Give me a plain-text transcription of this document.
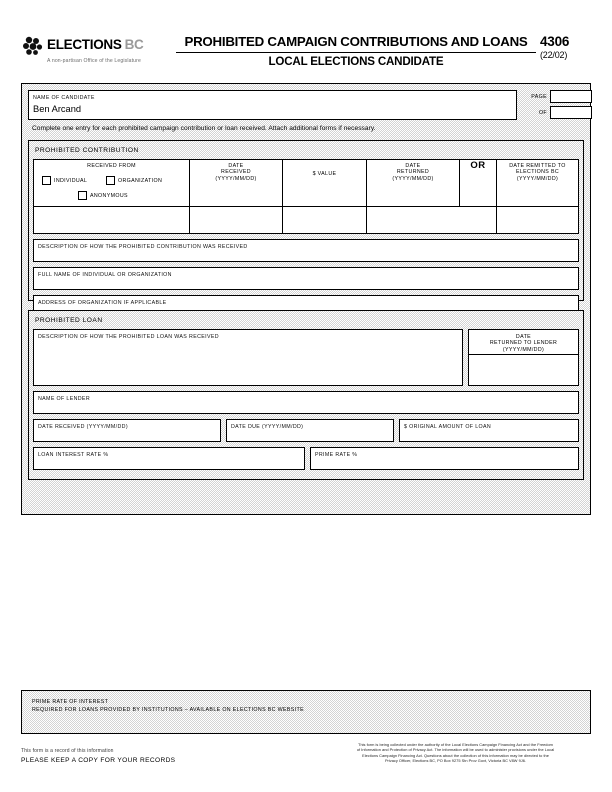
ELECTIONS BC
A non-partisan Office of the Legislature
PROHIBITED CAMPAIGN CONTRIBUTIONS AND LOANS
LOCAL ELECTIONS CANDIDATE
4306
(22/02)
NAME OF CANDIDATE
Ben Arcand
PAGE
OF
Complete one entry for each prohibited campaign contribution or loan received. Attach additional forms if necessary.
PROHIBITED CONTRIBUTION
RECEIVED FROM
INDIVIDUAL	ORGANIZATION
ANONYMOUS

DATE
RECEIVED
(YYYY/MM/DD)

$ VALUE

DATE
RETURNED
(YYYY/MM/DD)
	OR	DATE REMITTED TO
ELECTIONS BC
(YYYY/MM/DD)

DESCRIPTION OF HOW THE PROHIBITED CONTRIBUTION WAS RECEIVED
FULL NAME OF INDIVIDUAL OR ORGANIZATION
ADDRESS OF ORGANIZATION IF APPLICABLE
PROHIBITED LOAN
DESCRIPTION OF HOW THE PROHIBITED LOAN WAS RECEIVED	DATE
RETURNED TO LENDER
(YYYY/MM/DD)
NAME OF LENDER
DATE RECEIVED (YYYY/MM/DD)	DATE DUE (YYYY/MM/DD)	$ ORIGINAL AMOUNT OF LOAN
LOAN INTEREST RATE %	PRIME RATE %
PRIME RATE OF INTEREST
REQUIRED FOR LOANS PROVIDED BY INSTITUTIONS – AVAILABLE ON ELECTIONS BC WEBSITE
This form is a record of this information
PLEASE KEEP A COPY FOR YOUR RECORDS
This form is being collected under the authority of the Local Elections Campaign Financing Act and the Freedom
of Information and Protection of Privacy Act. The information will be used to administer provisions under the Local
Elections Campaign Financing Act. Questions about the collection of this information may be directed to the
Privacy Officer, Elections BC, PO Box 9275 Stn Prov Govt, Victoria BC V8W 9J6.
